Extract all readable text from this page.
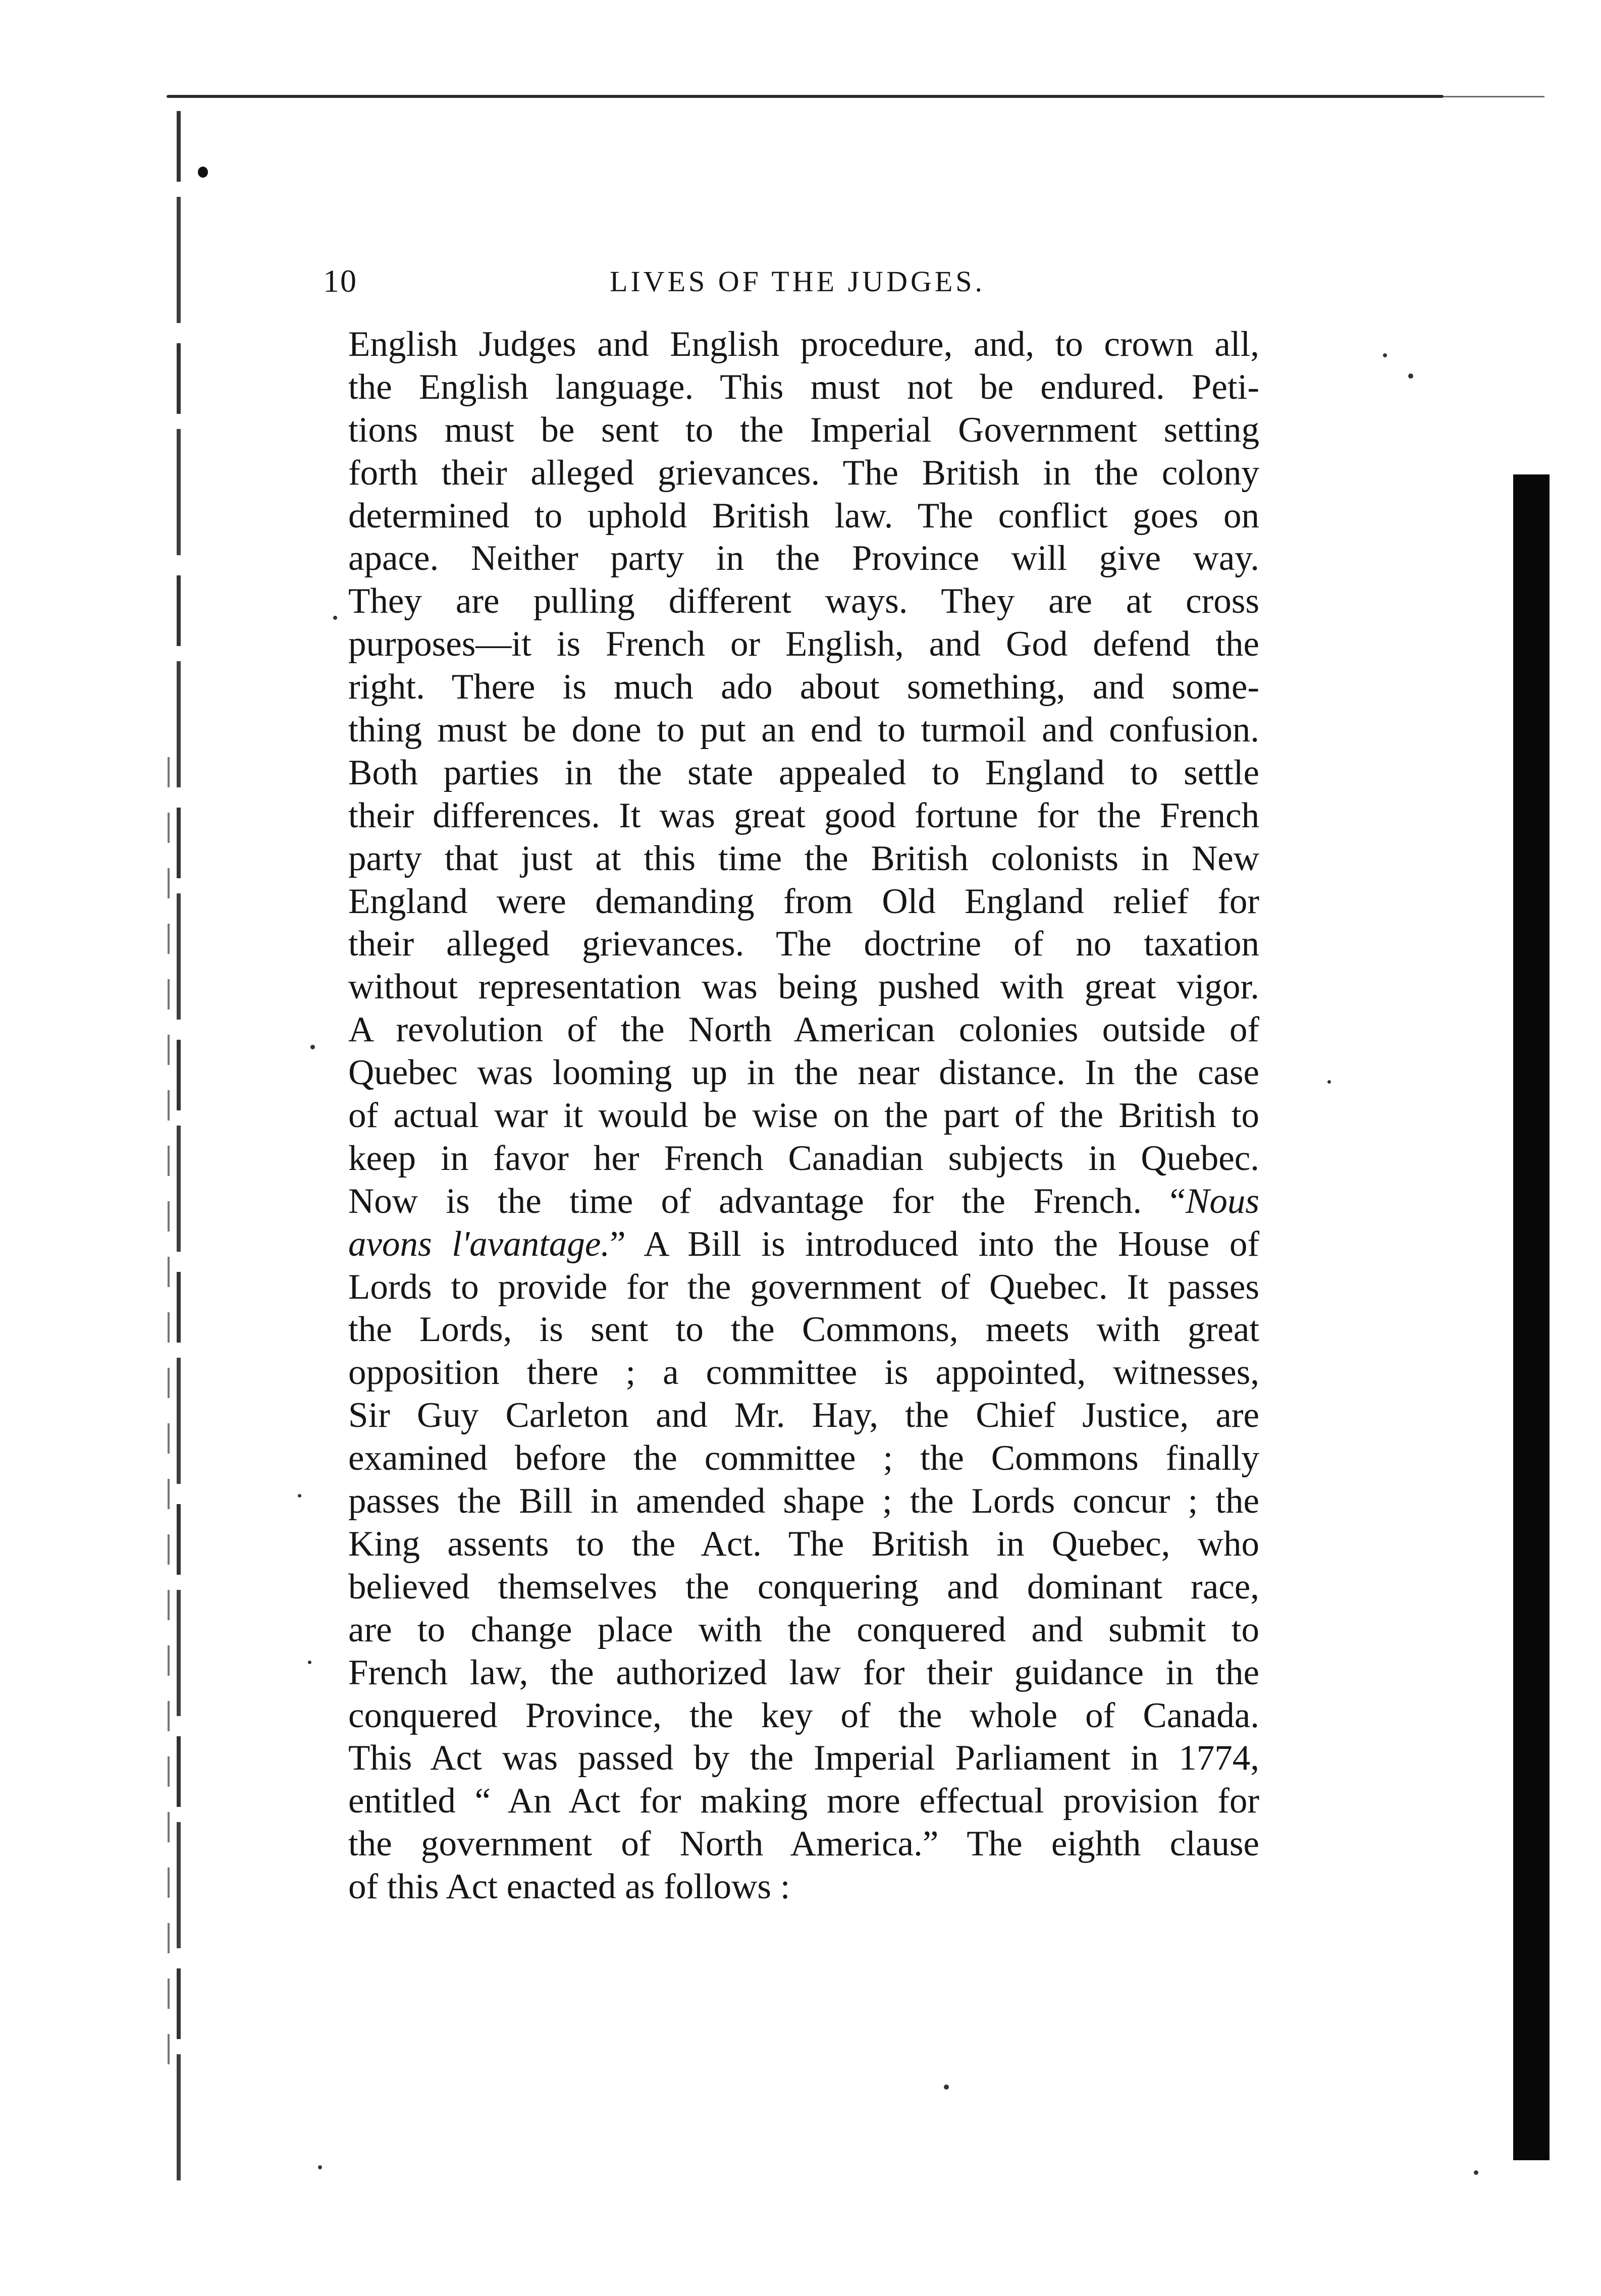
10	LIVES OF THE JUDGES.
English Judges and English procedure, and, to crown all,
the English language. This must not be endured. Peti-
tions must be sent to the Imperial Government setting
forth their alleged grievances. The British in the colony
determined to uphold British law. The conflict goes on
apace. Neither party in the Province will give way.
They are pulling different ways. They are at cross
purposes—it is French or English, and God defend the
right. There is much ado about something, and some-
thing must be done to put an end to turmoil and confusion.
Both parties in the state appealed to England to settle
their differences. It was great good fortune for the French
party that just at this time the British colonists in New
England were demanding from Old England relief for
their alleged grievances. The doctrine of no taxation
without representation was being pushed with great vigor.
A revolution of the North American colonies outside of
Quebec was looming up in the near distance. In the case
of actual war it would be wise on the part of the British to
keep in favor her French Canadian subjects in Quebec.
Now is the time of advantage for the French. “Nous
avons l'avantage.” A Bill is introduced into the House of
Lords to provide for the government of Quebec. It passes
the Lords, is sent to the Commons, meets with great
opposition there ; a committee is appointed, witnesses,
Sir Guy Carleton and Mr. Hay, the Chief Justice, are
examined before the committee ; the Commons finally
passes the Bill in amended shape ; the Lords concur ; the
King assents to the Act. The British in Quebec, who
believed themselves the conquering and dominant race,
are to change place with the conquered and submit to
French law, the authorized law for their guidance in the
conquered Province, the key of the whole of Canada.
This Act was passed by the Imperial Parliament in 1774,
entitled “ An Act for making more effectual provision for
the government of North America.” The eighth clause
of this Act enacted as follows :
